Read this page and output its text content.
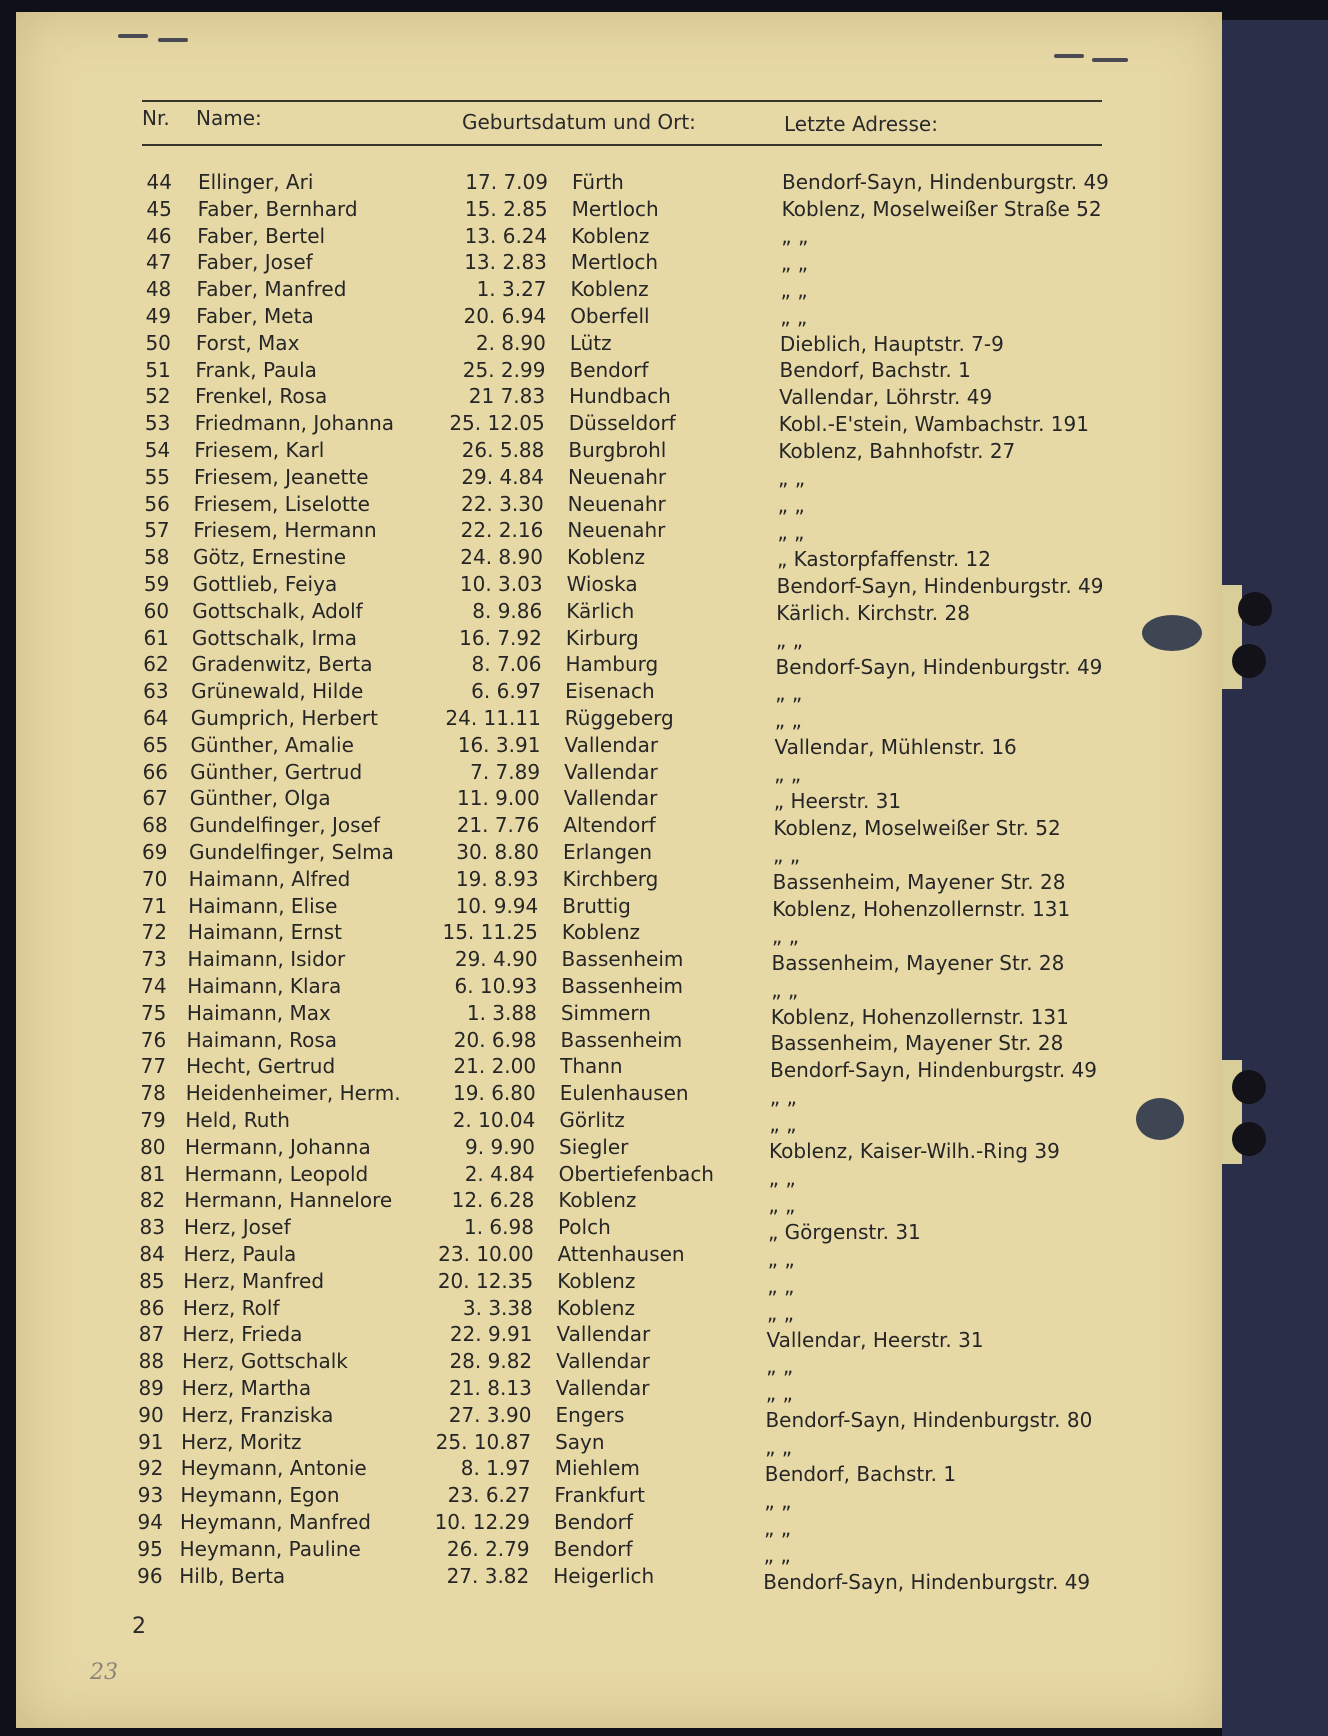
Nr. Name:	Geburtsdatum und Ort:	Letzte Adresse:
44 Ellinger, Ari	17. 7.09 Fürth	Bendorf-Sayn, Hindenburgstr. 49
45 Faber, Bernhard	15. 2.85 Mertloch	Koblenz, Moselweißer Straße 52
46 Faber, Bertel	13. 6.24 Koblenz	„ „
47 Faber, Josef	13. 2.83 Mertloch	„ „
48 Faber, Manfred	1. 3.27 Koblenz	„ „
49 Faber, Meta	20. 6.94 Oberfell	„ „
50 Forst, Max	2. 8.90 Lütz	Dieblich, Hauptstr. 7-9
51 Frank, Paula	25. 2.99 Bendorf	Bendorf, Bachstr. 1
52 Frenkel, Rosa	21 7.83 Hundbach	Vallendar, Löhrstr. 49
53 Friedmann, Johanna	25. 12.05 Düsseldorf	Kobl.-E'stein, Wambachstr. 191
54 Friesem, Karl	26. 5.88 Burgbrohl	Koblenz, Bahnhofstr. 27
55 Friesem, Jeanette	29. 4.84 Neuenahr	„ „
56 Friesem, Liselotte	22. 3.30 Neuenahr	„ „
57 Friesem, Hermann	22. 2.16 Neuenahr	„ „
58 Götz, Ernestine	24. 8.90 Koblenz	„ Kastorpfaffenstr. 12
59 Gottlieb, Feiya	10. 3.03 Wioska	Bendorf-Sayn, Hindenburgstr. 49
60 Gottschalk, Adolf	8. 9.86 Kärlich	Kärlich. Kirchstr. 28
61 Gottschalk, Irma	16. 7.92 Kirburg	„ „
62 Gradenwitz, Berta	8. 7.06 Hamburg	Bendorf-Sayn, Hindenburgstr. 49
63 Grünewald, Hilde	6. 6.97 Eisenach	„ „
64 Gumprich, Herbert	24. 11.11 Rüggeberg	„ „
65 Günther, Amalie	16. 3.91 Vallendar	Vallendar, Mühlenstr. 16
66 Günther, Gertrud	7. 7.89 Vallendar	„ „
67 Günther, Olga	11. 9.00 Vallendar	„ Heerstr. 31
68 Gundelfinger, Josef	21. 7.76 Altendorf	Koblenz, Moselweißer Str. 52
69 Gundelfinger, Selma	30. 8.80 Erlangen	„ „
70 Haimann, Alfred	19. 8.93 Kirchberg	Bassenheim, Mayener Str. 28
71 Haimann, Elise	10. 9.94 Bruttig	Koblenz, Hohenzollernstr. 131
72 Haimann, Ernst	15. 11.25 Koblenz	„ „
73 Haimann, Isidor	29. 4.90 Bassenheim	Bassenheim, Mayener Str. 28
74 Haimann, Klara	6. 10.93 Bassenheim	„ „
75 Haimann, Max	1. 3.88 Simmern	Koblenz, Hohenzollernstr. 131
76 Haimann, Rosa	20. 6.98 Bassenheim	Bassenheim, Mayener Str. 28
77 Hecht, Gertrud	21. 2.00 Thann	Bendorf-Sayn, Hindenburgstr. 49
78 Heidenheimer, Herm.	19. 6.80 Eulenhausen	„ „
79 Held, Ruth	2. 10.04 Görlitz	„ „
80 Hermann, Johanna	9. 9.90 Siegler	Koblenz, Kaiser-Wilh.-Ring 39
81 Hermann, Leopold	2. 4.84 Obertiefenbach	„ „
82 Hermann, Hannelore	12. 6.28 Koblenz	„ „
83 Herz, Josef	1. 6.98 Polch	„ Görgenstr. 31
84 Herz, Paula	23. 10.00 Attenhausen	„ „
85 Herz, Manfred	20. 12.35 Koblenz	„ „
86 Herz, Rolf	3. 3.38 Koblenz	„ „
87 Herz, Frieda	22. 9.91 Vallendar	Vallendar, Heerstr. 31
88 Herz, Gottschalk	28. 9.82 Vallendar	„ „
89 Herz, Martha	21. 8.13 Vallendar	„ „
90 Herz, Franziska	27. 3.90 Engers	Bendorf-Sayn, Hindenburgstr. 80
91 Herz, Moritz	25. 10.87 Sayn	„ „
92 Heymann, Antonie	8. 1.97 Miehlem	Bendorf, Bachstr. 1
93 Heymann, Egon	23. 6.27 Frankfurt	„ „
94 Heymann, Manfred	10. 12.29 Bendorf	„ „
95 Heymann, Pauline	26. 2.79 Bendorf	„ „
96 Hilb, Berta	27. 3.82 Heigerlich	Bendorf-Sayn, Hindenburgstr. 49
2
23
